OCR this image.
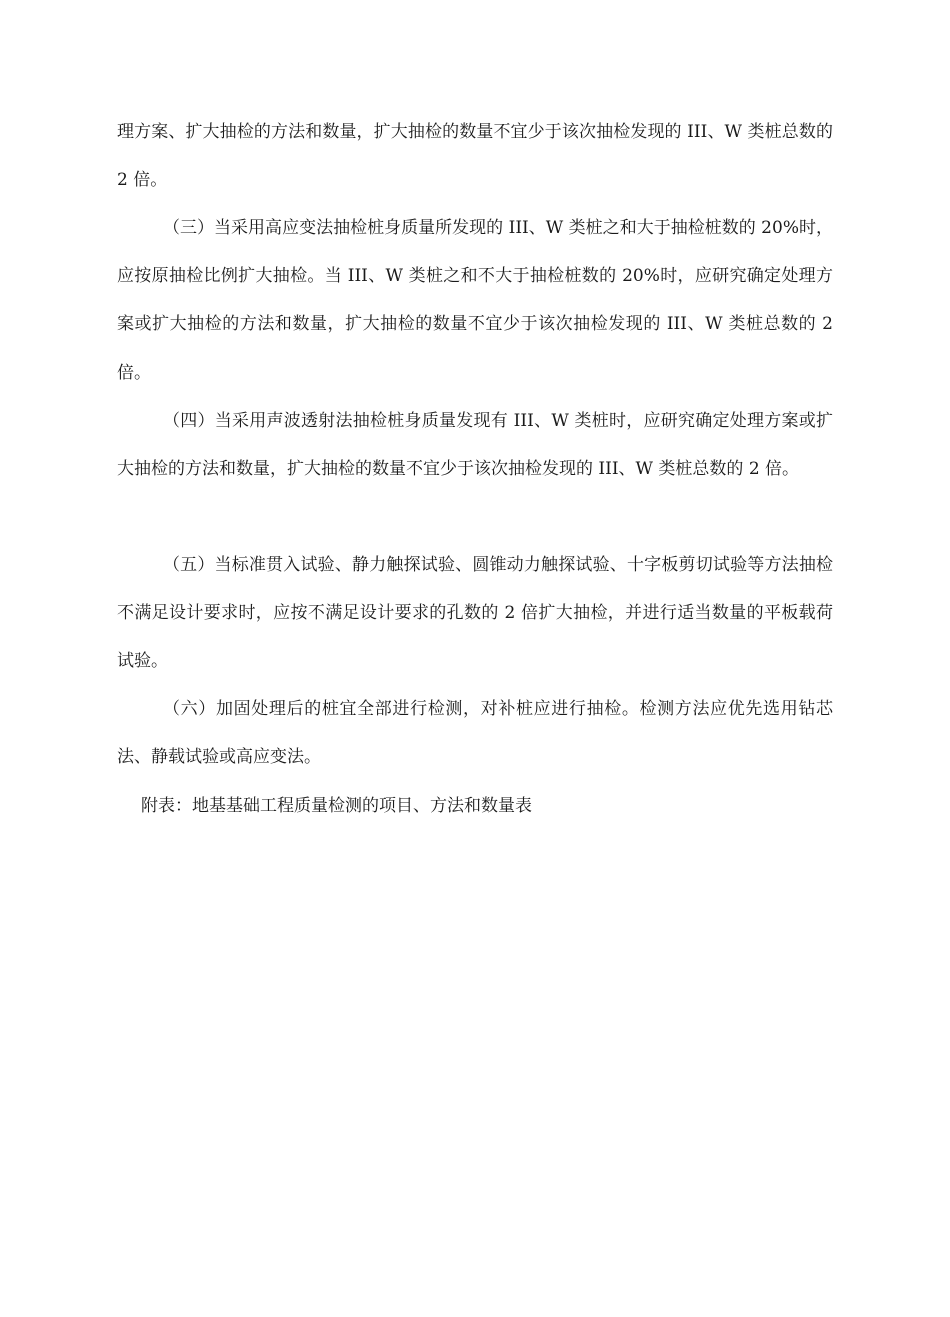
理方案、扩大抽检的方法和数量，扩大抽检的数量不宜少于该次抽检发现的 III、W 类桩总数的 2 倍。

（三）当采用高应变法抽检桩身质量所发现的 III、W 类桩之和大于抽检桩数的 20%时，应按原抽检比例扩大抽检。当 III、W 类桩之和不大于抽检桩数的 20%时，应研究确定处理方案或扩大抽检的方法和数量，扩大抽检的数量不宜少于该次抽检发现的 III、W 类桩总数的 2 倍。

（四）当采用声波透射法抽检桩身质量发现有 III、W 类桩时，应研究确定处理方案或扩大抽检的方法和数量，扩大抽检的数量不宜少于该次抽检发现的 III、W 类桩总数的 2 倍。

（五）当标准贯入试验、静力触探试验、圆锥动力触探试验、十字板剪切试验等方法抽检不满足设计要求时，应按不满足设计要求的孔数的 2 倍扩大抽检，并进行适当数量的平板载荷试验。

（六）加固处理后的桩宜全部进行检测，对补桩应进行抽检。检测方法应优先选用钻芯法、静载试验或高应变法。

附表：地基基础工程质量检测的项目、方法和数量表
